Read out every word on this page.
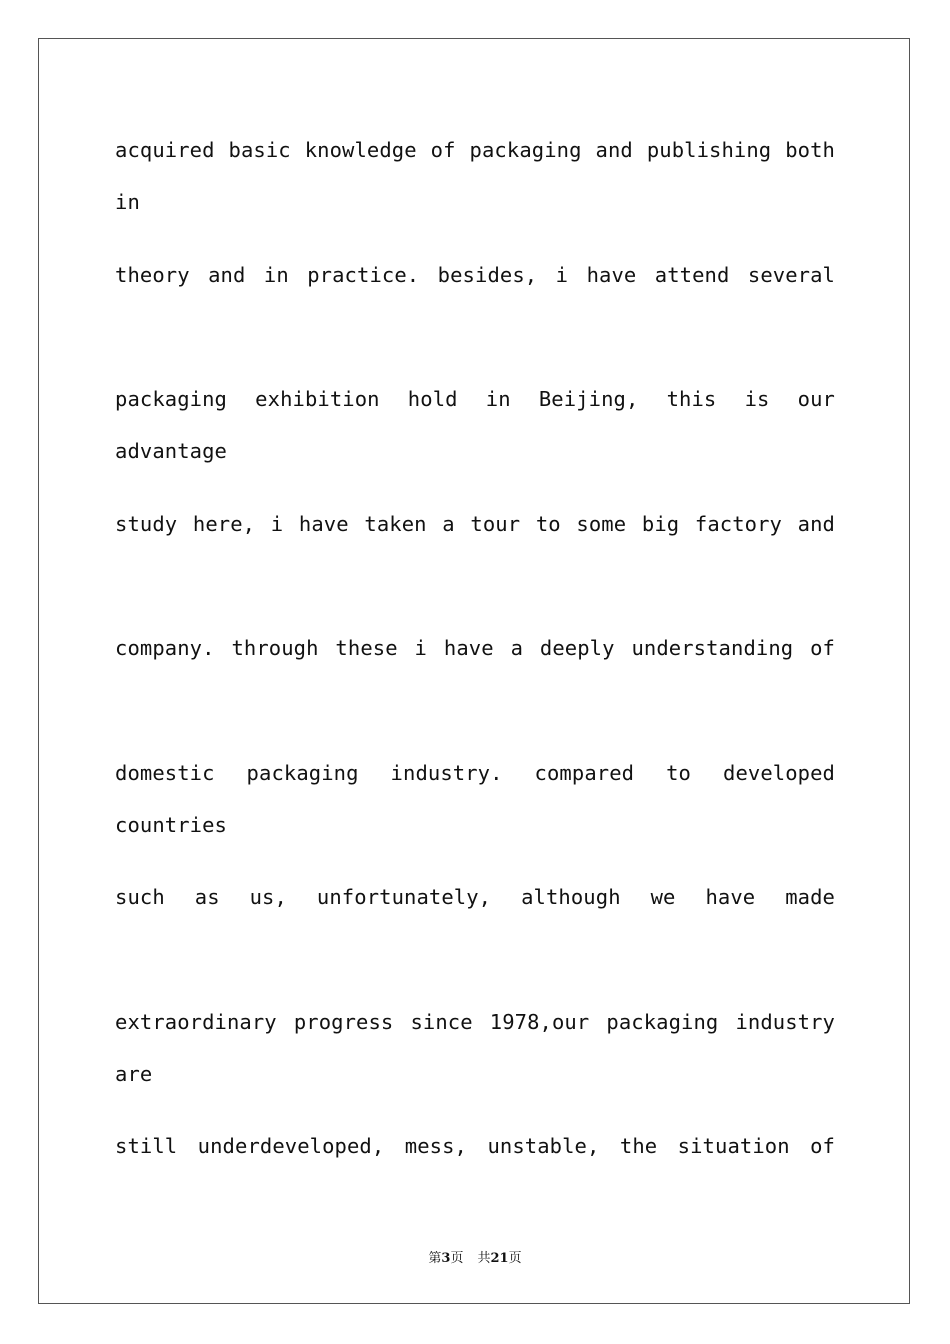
acquired basic knowledge of packaging and publishing both in
theory and in practice. besides, i have attend several
packaging exhibition hold in Beijing, this is our advantage
study here, i have taken a tour to some big factory and
company. through these i have a deeply understanding of
domestic packaging industry. compared to developed countries
such as us, unfortunately, although we have made
extraordinary progress since 1978,our packaging industry are
still underdeveloped, mess, unstable, the situation of
第3页 共21页
